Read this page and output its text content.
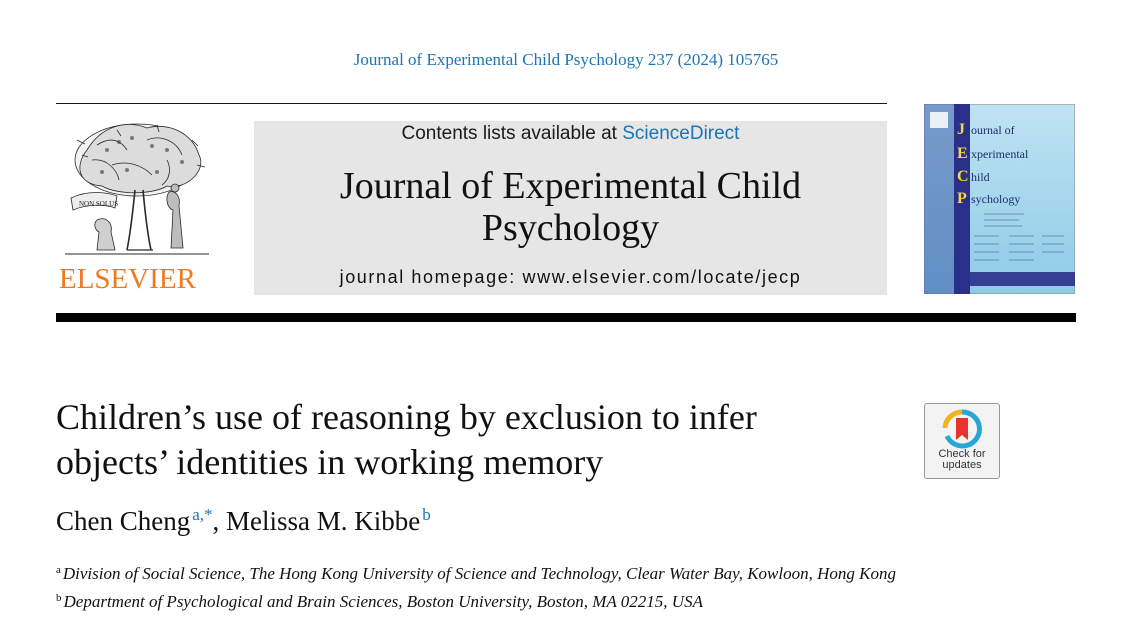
Journal of Experimental Child Psychology 237 (2024) 105765
NON SOLUS
ELSEVIER
Contents lists available at ScienceDirect
Journal of Experimental Child
Psychology
journal homepage: www.elsevier.com/locate/jecp
J
E
C
P
ournal of
xperimental
hild
sychology
Children’s use of reasoning by exclusion to infer
objects’ identities in working memory	Check for
updates
Chen Cheng $^{a,*}$, Melissa M. Kibbe $^b$
$^a$ Division of Social Science, The Hong Kong University of Science and Technology, Clear Water Bay, Kowloon, Hong Kong
$^b$ Department of Psychological and Brain Sciences, Boston University, Boston, MA 02215, USA
